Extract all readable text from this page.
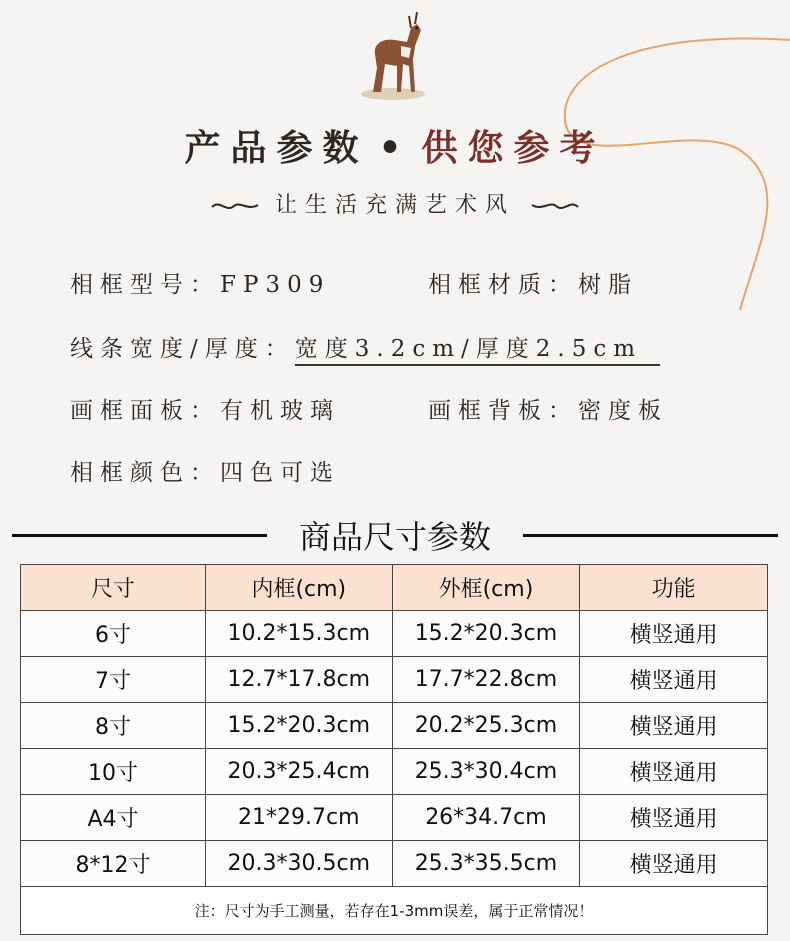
产品参数 • 供您参考
让生活充满艺术风
相框型号：FP309	相框材质：树脂
线条宽度/厚度：宽度3.2cm/厚度2.5cm
画框面板：有机玻璃	画框背板：密度板
相框颜色：四色可选
商品尺寸参数
尺寸	内框(cm)	外框(cm)	功能
6寸	10.2*15.3cm	15.2*20.3cm	横竖通用
7寸	12.7*17.8cm	17.7*22.8cm	横竖通用
8寸	15.2*20.3cm	20.2*25.3cm	横竖通用
10寸	20.3*25.4cm	25.3*30.4cm	横竖通用
A4寸	21*29.7cm	26*34.7cm	横竖通用
8*12寸	20.3*30.5cm	25.3*35.5cm	横竖通用
注：尺寸为手工测量，若存在1-3mm误差，属于正常情况！			
